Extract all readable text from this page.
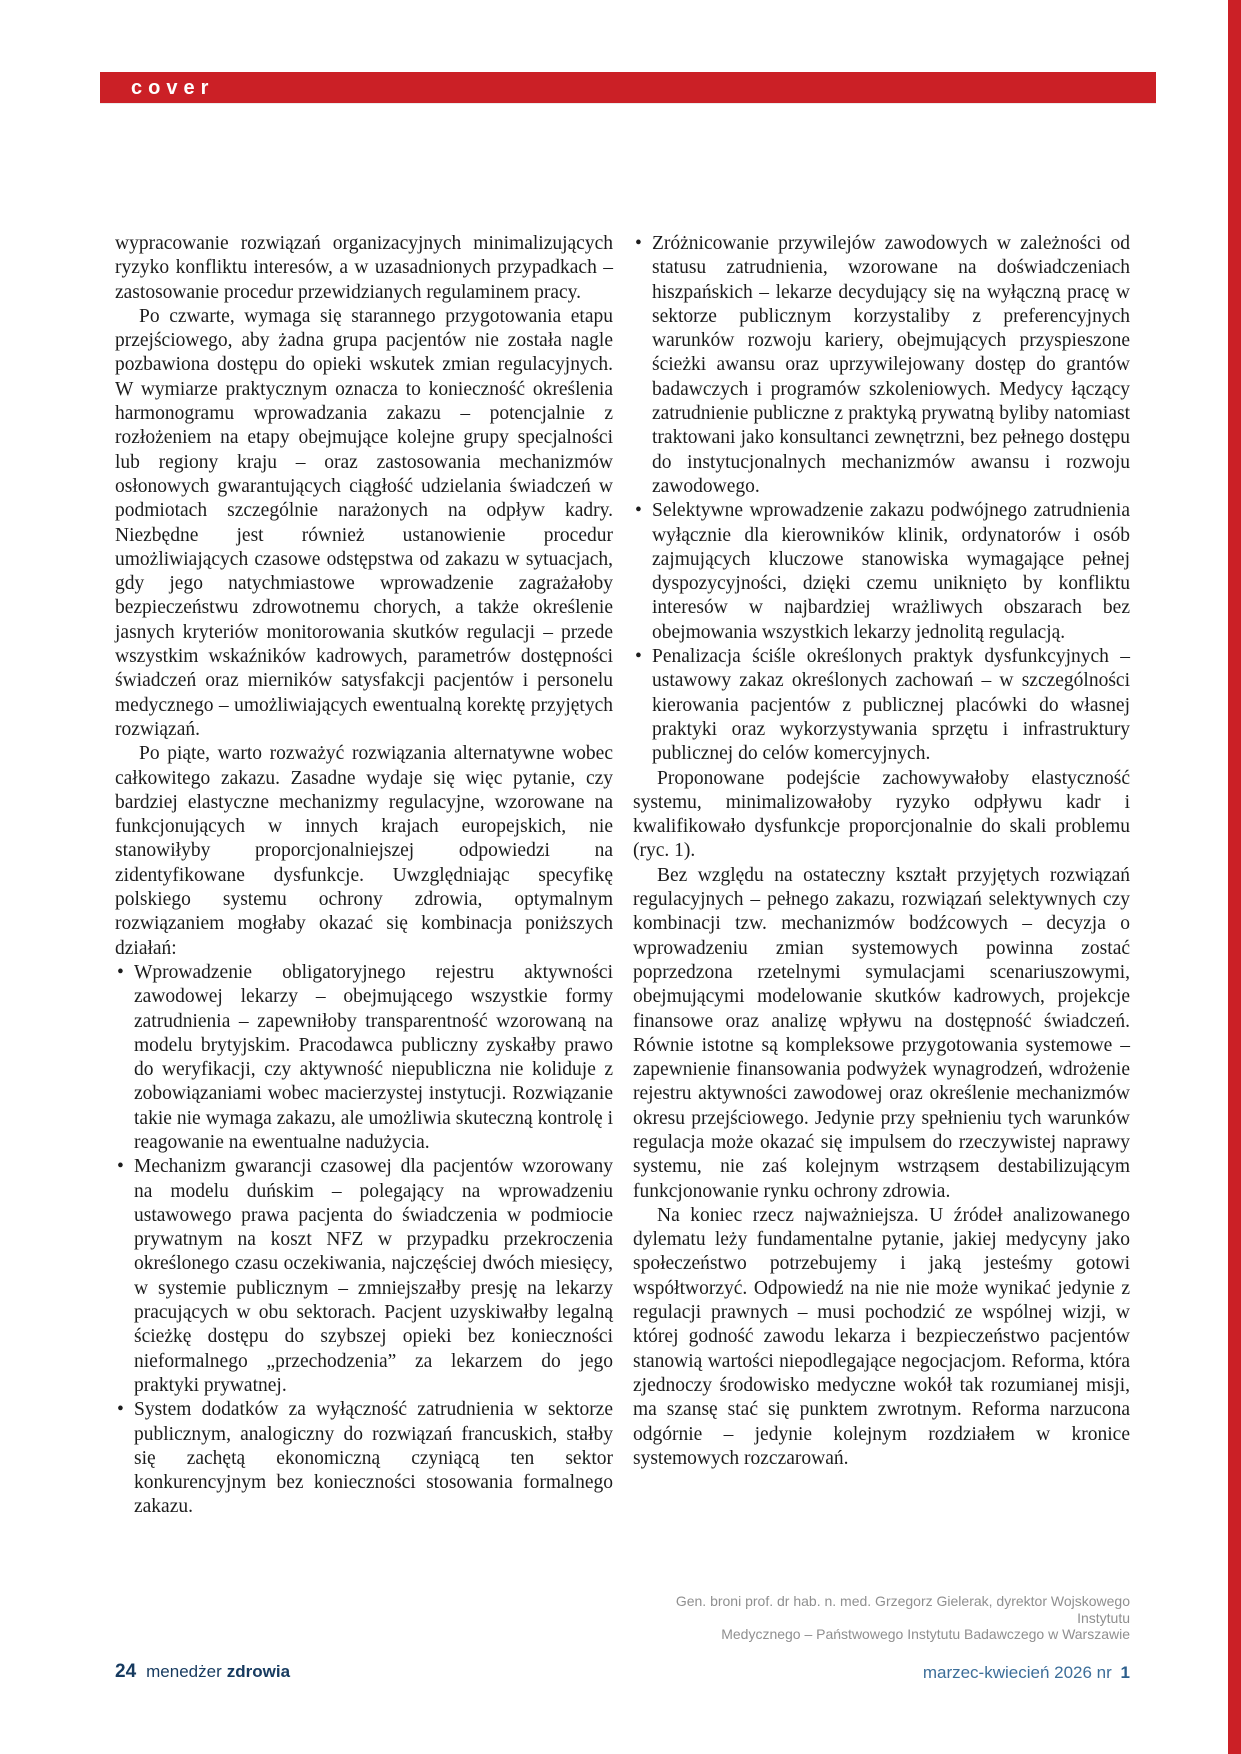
cover

wypracowanie rozwiązań organizacyjnych minimalizujących ryzyko konfliktu interesów, a w uzasadnionych przypadkach – zastosowanie procedur przewidzianych regulaminem pracy.

Po czwarte, wymaga się starannego przygotowania etapu przejściowego, aby żadna grupa pacjentów nie została nagle pozbawiona dostępu do opieki wskutek zmian regulacyjnych. W wymiarze praktycznym oznacza to konieczność określenia harmonogramu wprowadzania zakazu – potencjalnie z rozłożeniem na etapy obejmujące kolejne grupy specjalności lub regiony kraju – oraz zastosowania mechanizmów osłonowych gwarantujących ciągłość udzielania świadczeń w podmiotach szczególnie narażonych na odpływ kadry. Niezbędne jest również ustanowienie procedur umożliwiających czasowe odstępstwa od zakazu w sytuacjach, gdy jego natychmiastowe wprowadzenie zagrażałoby bezpieczeństwu zdrowotnemu chorych, a także określenie jasnych kryteriów monitorowania skutków regulacji – przede wszystkim wskaźników kadrowych, parametrów dostępności świadczeń oraz mierników satysfakcji pacjentów i personelu medycznego – umożliwiających ewentualną korektę przyjętych rozwiązań.

Po piąte, warto rozważyć rozwiązania alternatywne wobec całkowitego zakazu. Zasadne wydaje się więc pytanie, czy bardziej elastyczne mechanizmy regulacyjne, wzorowane na funkcjonujących w innych krajach europejskich, nie stanowiłyby proporcjonalniejszej odpowiedzi na zidentyfikowane dysfunkcje. Uwzględniając specyfikę polskiego systemu ochrony zdrowia, optymalnym rozwiązaniem mogłaby okazać się kombinacja poniższych działań:

• Wprowadzenie obligatoryjnego rejestru aktywności zawodowej lekarzy – obejmującego wszystkie formy zatrudnienia – zapewniłoby transparentność wzorowaną na modelu brytyjskim. Pracodawca publiczny zyskałby prawo do weryfikacji, czy aktywność niepubliczna nie koliduje z zobowiązaniami wobec macierzystej instytucji. Rozwiązanie takie nie wymaga zakazu, ale umożliwia skuteczną kontrolę i reagowanie na ewentualne nadużycia.

• Mechanizm gwarancji czasowej dla pacjentów wzorowany na modelu duńskim – polegający na wprowadzeniu ustawowego prawa pacjenta do świadczenia w podmiocie prywatnym na koszt NFZ w przypadku przekroczenia określonego czasu oczekiwania, najczęściej dwóch miesięcy, w systemie publicznym – zmniejszałby presję na lekarzy pracujących w obu sektorach. Pacjent uzyskiwałby legalną ścieżkę dostępu do szybszej opieki bez konieczności nieformalnego „przechodzenia” za lekarzem do jego praktyki prywatnej.

• System dodatków za wyłączność zatrudnienia w sektorze publicznym, analogiczny do rozwiązań francuskich, stałby się zachętą ekonomiczną czyniącą ten sektor konkurencyjnym bez konieczności stosowania formalnego zakazu.

• Zróżnicowanie przywilejów zawodowych w zależności od statusu zatrudnienia, wzorowane na doświadczeniach hiszpańskich – lekarze decydujący się na wyłączną pracę w sektorze publicznym korzystaliby z preferencyjnych warunków rozwoju kariery, obejmujących przyspieszone ścieżki awansu oraz uprzywilejowany dostęp do grantów badawczych i programów szkoleniowych. Medycy łączący zatrudnienie publiczne z praktyką prywatną byliby natomiast traktowani jako konsultanci zewnętrzni, bez pełnego dostępu do instytucjonalnych mechanizmów awansu i rozwoju zawodowego.

• Selektywne wprowadzenie zakazu podwójnego zatrudnienia wyłącznie dla kierowników klinik, ordynatorów i osób zajmujących kluczowe stanowiska wymagające pełnej dyspozycyjności, dzięki czemu uniknięto by konfliktu interesów w najbardziej wrażliwych obszarach bez obejmowania wszystkich lekarzy jednolitą regulacją.

• Penalizacja ściśle określonych praktyk dysfunkcyjnych – ustawowy zakaz określonych zachowań – w szczególności kierowania pacjentów z publicznej placówki do własnej praktyki oraz wykorzystywania sprzętu i infrastruktury publicznej do celów komercyjnych.

Proponowane podejście zachowywałoby elastyczność systemu, minimalizowałoby ryzyko odpływu kadr i kwalifikowało dysfunkcje proporcjonalnie do skali problemu (ryc. 1).

Bez względu na ostateczny kształt przyjętych rozwiązań regulacyjnych – pełnego zakazu, rozwiązań selektywnych czy kombinacji tzw. mechanizmów bodźcowych – decyzja o wprowadzeniu zmian systemowych powinna zostać poprzedzona rzetelnymi symulacjami scenariuszowymi, obejmującymi modelowanie skutków kadrowych, projekcje finansowe oraz analizę wpływu na dostępność świadczeń. Równie istotne są kompleksowe przygotowania systemowe – zapewnienie finansowania podwyżek wynagrodzeń, wdrożenie rejestru aktywności zawodowej oraz określenie mechanizmów okresu przejściowego. Jedynie przy spełnieniu tych warunków regulacja może okazać się impulsem do rzeczywistej naprawy systemu, nie zaś kolejnym wstrząsem destabilizującym funkcjonowanie rynku ochrony zdrowia.

Na koniec rzecz najważniejsza. U źródeł analizowanego dylematu leży fundamentalne pytanie, jakiej medycyny jako społeczeństwo potrzebujemy i jaką jesteśmy gotowi współtworzyć. Odpowiedź na nie nie może wynikać jedynie z regulacji prawnych – musi pochodzić ze wspólnej wizji, w której godność zawodu lekarza i bezpieczeństwo pacjentów stanowią wartości niepodlegające negocjacjom. Reforma, która zjednoczy środowisko medyczne wokół tak rozumianej misji, ma szansę stać się punktem zwrotnym. Reforma narzucona odgórnie – jedynie kolejnym rozdziałem w kronice systemowych rozczarowań.

Gen. broni prof. dr hab. n. med. Grzegorz Gielerak, dyrektor Wojskowego Instytutu
Medycznego – Państwowego Instytutu Badawczego w Warszawie
24 menedżer zdrowia	marzec-kwiecień 2026 nr 1
